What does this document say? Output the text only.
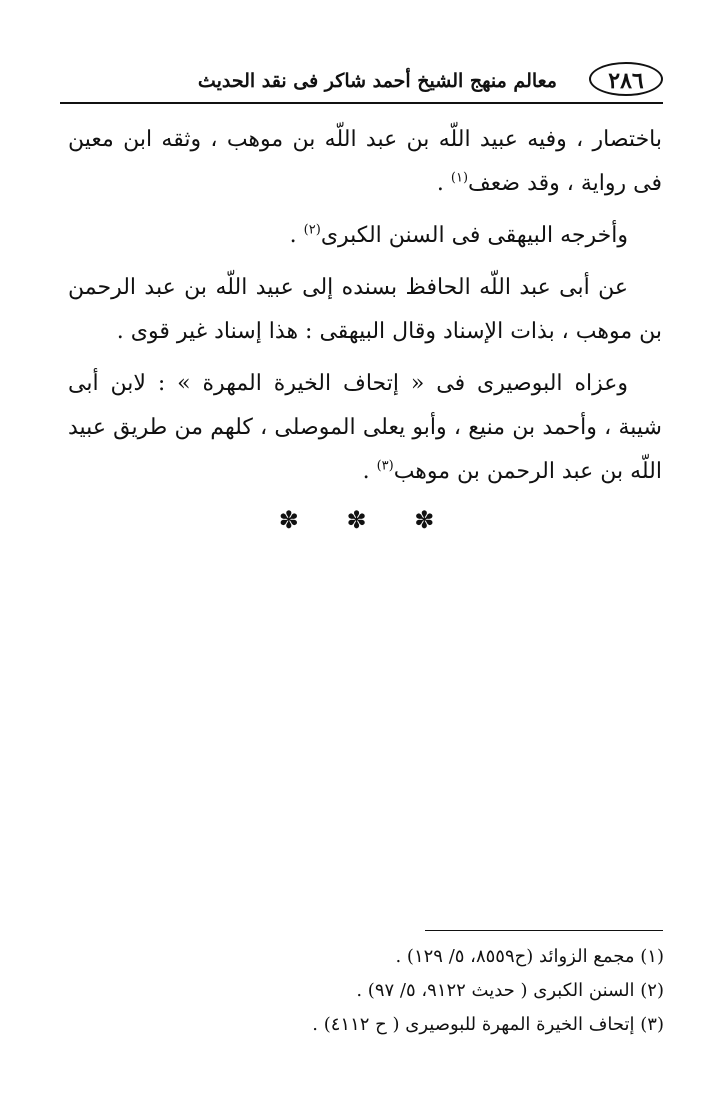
٢٨٦
معالم منهج الشيخ أحمد شاكر فى نقد الحديث

باختصار ، وفيه عبيد اللّه بن عبد اللّه بن موهب ، وثقه ابن معين فى رواية ، وقد ضعف$^{(١)}$ .

وأخرجه البيهقى فى السنن الكبرى$^{(٢)}$ .

عن أبى عبد اللّه الحافظ بسنده إلى عبيد اللّه بن عبد الرحمن بن موهب ، بذات الإسناد وقال البيهقى : هذا إسناد غير قوى .

وعزاه البوصيرى فى « إتحاف الخيرة المهرة » : لابن أبى شيبة ، وأحمد بن منيع ، وأبو يعلى الموصلى ، كلهم من طريق عبيد اللّه بن عبد الرحمن بن موهب$^{(٣)}$ .

✽ ✽ ✽
(١) مجمع الزوائد (ح٨٥٥٩، ٥/ ١٢٩) .
(٢) السنن الكبرى ( حديث ٩١٢٢، ٥/ ٩٧) .
(٣) إتحاف الخيرة المهرة للبوصيرى ( ح ٤١١٢) .
